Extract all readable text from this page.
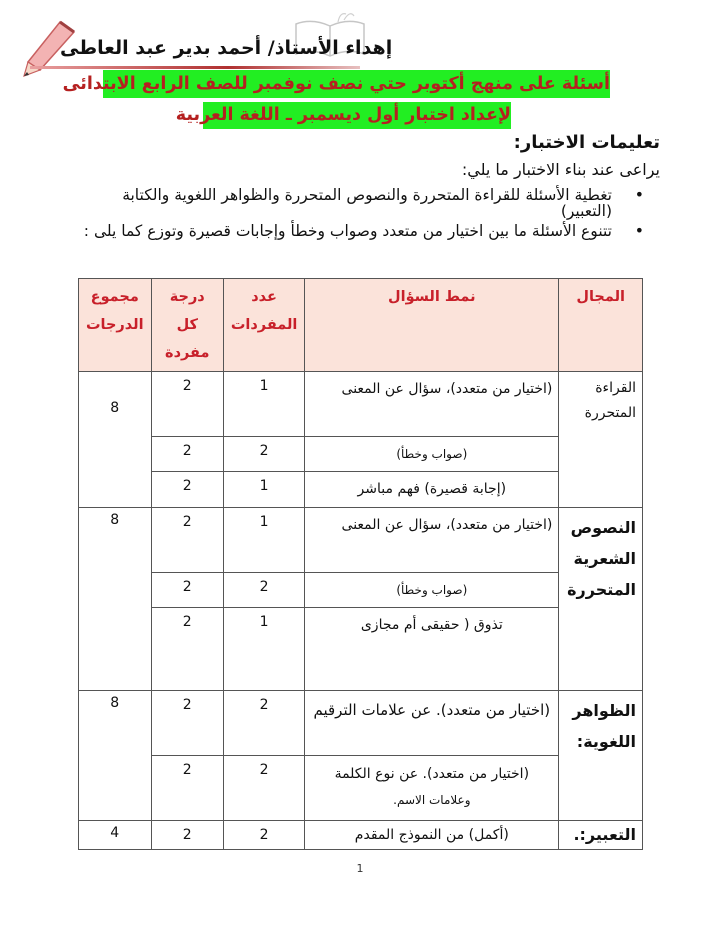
إهداء الأستاذ/ أحمد بدير عبد العاطى
أسئلة على منهج أكتوبر حتي نصف نوفمبر للصف الرابع الابتدائى
لإعداد اختبار أول ديسمبر ـ اللغة العربية
تعليمات الاختبار:
يراعى عند بناء الاختبار ما يلي:
•
تغطية الأسئلة للقراءة المتحررة والنصوص المتحررة والظواهر اللغوية والكتابة (التعبير)
•
تتنوع الأسئلة ما بين اختيار من متعدد وصواب وخطأ وإجابات قصيرة وتوزع كما يلى :
المجال	نمط السؤال	عدد المفردات	درجة كل مفردة	مجموع الدرجات
القراءة المتحررة	(اختيار من متعدد)، سؤال عن المعنى	1	2	8

	(صواب وخطأ)	2	2	
	(إجابة قصيرة) فهم مباشر	1	2	
النصوص الشعرية المتحررة	(اختيار من متعدد)، سؤال عن المعنى	1	2	8

	(صواب وخطأ)	2	2	
	تذوق ( حقيقى أم مجازى	1	2	
الظواهر اللغوية:	(اختيار من متعدد). عن علامات الترقيم	2	2	8

	(اختيار من متعدد). عن نوع الكلمة
وعلامات الاسم.	2	2	
التعبير:.	(أكمل) من النموذج المقدم	2	2	4
1
